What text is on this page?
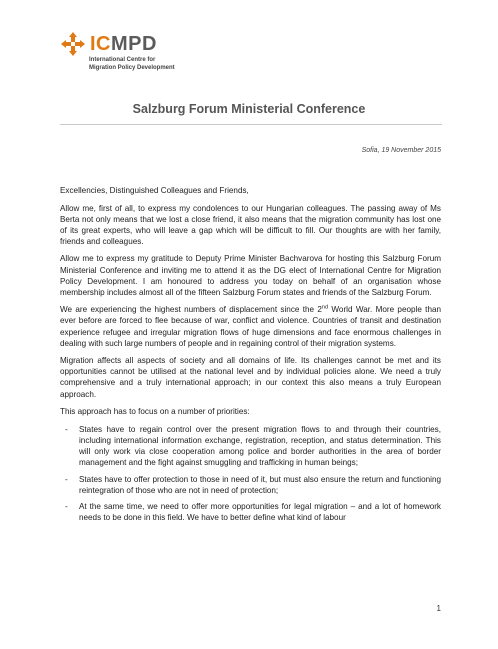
ICMPD
International Centre for
Migration Policy Development
Salzburg Forum Ministerial Conference
Sofia, 19 November 2015

Excellencies, Distinguished Colleagues and Friends,

Allow me, first of all, to express my condolences to our Hungarian colleagues. The passing away of Ms Berta not only means that we lost a close friend, it also means that the migration community has lost one of its great experts, who will leave a gap which will be difficult to fill. Our thoughts are with her family, friends and colleagues.

Allow me to express my gratitude to Deputy Prime Minister Bachvarova for hosting this Salzburg Forum Ministerial Conference and inviting me to attend it as the DG elect of International Centre for Migration Policy Development. I am honoured to address you today on behalf of an organisation whose membership includes almost all of the fifteen Salzburg Forum states and friends of the Salzburg Forum.

We are experiencing the highest numbers of displacement since the 2nd World War. More people than ever before are forced to flee because of war, conflict and violence. Countries of transit and destination experience refugee and irregular migration flows of huge dimensions and face enormous challenges in dealing with such large numbers of people and in regaining control of their migration systems.

Migration affects all aspects of society and all domains of life. Its challenges cannot be met and its opportunities cannot be utilised at the national level and by individual policies alone. We need a truly comprehensive and a truly international approach; in our context this also means a truly European approach.

This approach has to focus on a number of priorities:

- States have to regain control over the present migration flows to and through their countries, including international information exchange, registration, reception, and status determination. This will only work via close cooperation among police and border authorities in the area of border management and the fight against smuggling and trafficking in human beings;
- States have to offer protection to those in need of it, but must also ensure the return and functioning reintegration of those who are not in need of protection;
- At the same time, we need to offer more opportunities for legal migration – and a lot of homework needs to be done in this field. We have to better define what kind of labour
1
